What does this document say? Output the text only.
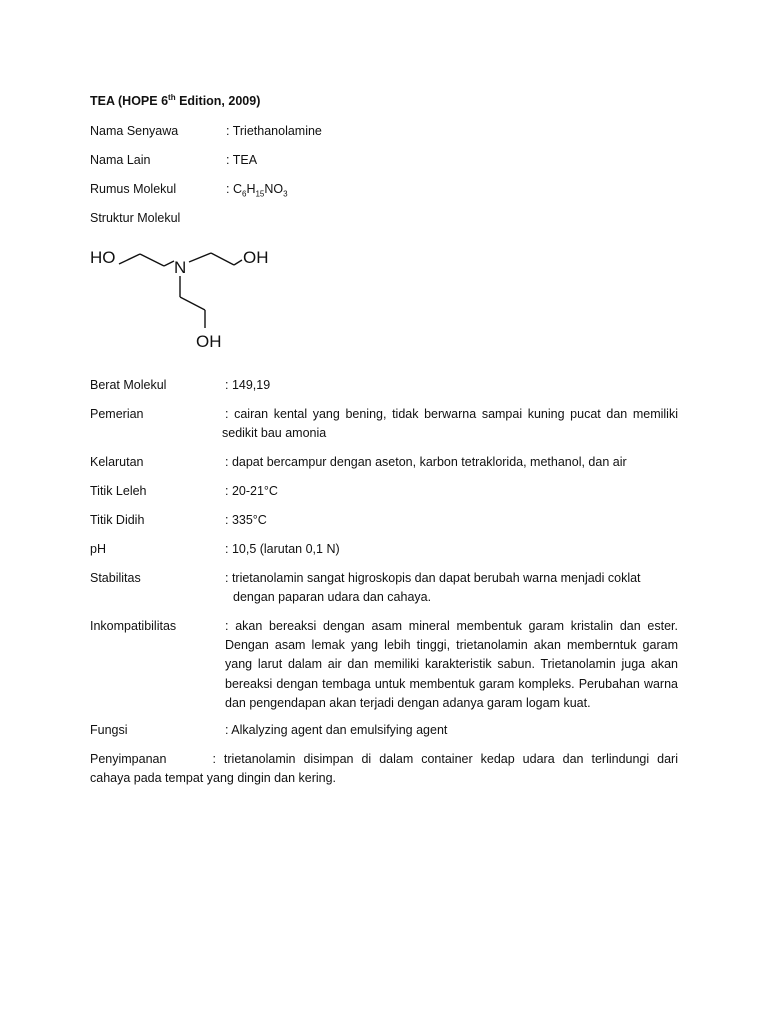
TEA (HOPE 6th Edition, 2009)
Nama Senyawa	: Triethanolamine
Nama Lain	: TEA
Rumus Molekul	: $C_6H_{15}NO_3$
Struktur Molekul
HO
N
OH
OH
Berat Molekul	: 149,19
Pemerian	: cairan kental yang bening, tidak berwarna sampai kuning pucat dan memiliki
sedikit bau amonia
Kelarutan	: dapat bercampur dengan aseton, karbon tetraklorida, methanol, dan air
Titik Leleh	: 20-21°C
Titik Didih	: 335°C
pH	: 10,5 (larutan 0,1 N)
Stabilitas	: trietanolamin sangat higroskopis dan dapat berubah warna menjadi coklat
dengan paparan udara dan cahaya.
Inkompatibilitas	: akan bereaksi dengan asam mineral membentuk garam kristalin dan ester.
Dengan asam lemak yang lebih tinggi, trietanolamin akan memberntuk garam
yang larut dalam air dan memiliki karakteristik sabun. Trietanolamin juga akan
bereaksi dengan tembaga untuk membentuk garam kompleks. Perubahan warna
dan pengendapan akan terjadi dengan adanya garam logam kuat.
Fungsi	: Alkalyzing agent dan emulsifying agent
Penyimpanan	: trietanolamin disimpan di dalam container kedap udara dan terlindungi dari
cahaya pada tempat yang dingin dan kering.
